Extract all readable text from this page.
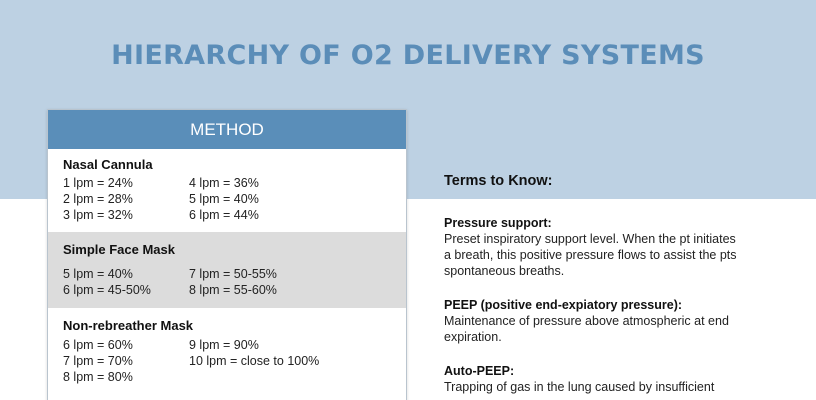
HIERARCHY OF O2 DELIVERY SYSTEMS
METHOD
Nasal Cannula
1 lpm = 24%
2 lpm = 28%
3 lpm = 32%
4 lpm = 36%
5 lpm = 40%
6 lpm = 44%
Simple Face Mask
5 lpm = 40%
6 lpm = 45-50%
7 lpm = 50-55%
8 lpm = 55-60%
Non-rebreather Mask
6 lpm = 60%
7 lpm = 70%
8 lpm = 80%
9 lpm = 90%
10 lpm = close to 100%
Terms to Know:
Pressure support:
Preset inspiratory support level. When the pt initiates
a breath, this positive pressure flows to assist the pts
spontaneous breaths.
PEEP (positive end-expiatory pressure):
Maintenance of pressure above atmospheric at end
expiration.
Auto-PEEP:
Trapping of gas in the lung caused by insufficient
